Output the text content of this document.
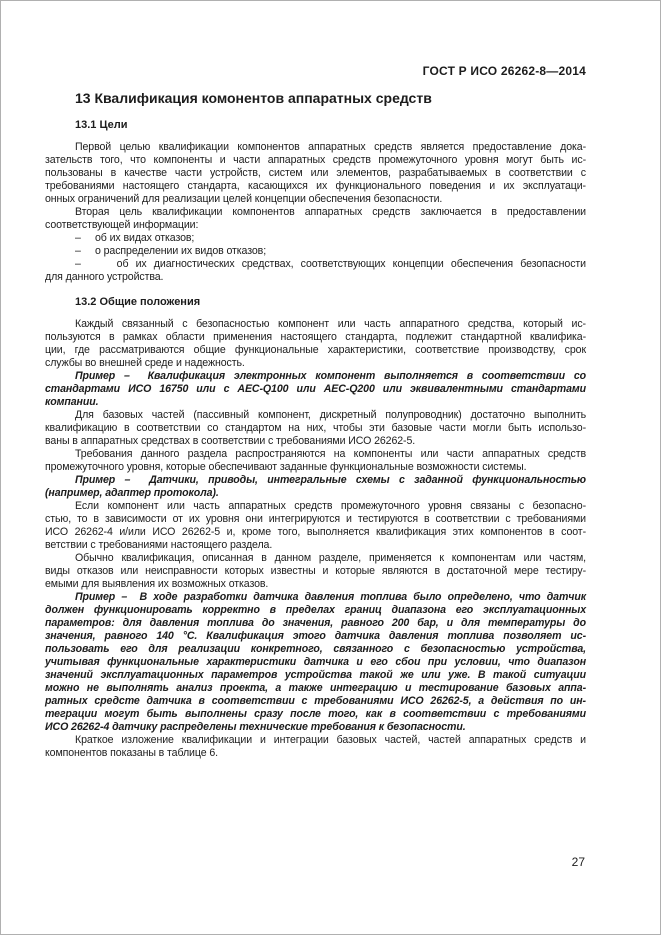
ГОСТ Р ИСО 26262-8—2014
13 Квалификация комонентов аппаратных средств
13.1 Цели
Первой целью квалификации компонентов аппаратных средств является предоставление дока-
зательств того, что компоненты и части аппаратных средств промежуточного уровня могут быть ис-
пользованы в качестве части устройств, систем или элементов, разрабатываемых в соответствии с
требованиями настоящего стандарта, касающихся их функционального поведения и их эксплуатаци-
онных ограничений для реализации целей концепции обеспечения безопасности.
Вторая цель квалификации компонентов аппаратных средств заключается в предоставлении
соответствующей информации:
–     об их видах отказов;
–     о распределении их видов отказов;
–     об их диагностических средствах, соответствующих концепции обеспечения безопасности
для данного устройства.
13.2 Общие положения
Каждый связанный с безопасностью компонент или часть аппаратного средства, который ис-
пользуются в рамках области применения настоящего стандарта, подлежит стандартной квалифика-
ции, где рассматриваются общие функциональные характеристики, соответствие производству, срок
службы во внешней среде и надежность.
Пример –  Квалификация электронных компонент выполняется в соответствии со
стандартами ИСО 16750 или с AEC-Q100 или AEC-Q200 или эквивалентными стандартами
компании.
Для базовых частей (пассивный компонент, дискретный полупроводник) достаточно выполнить
квалификацию в соответствии со стандартом на них, чтобы эти базовые части могли быть использо-
ваны в аппаратных средствах в соответствии с требованиями ИСО 26262-5.
Требования данного раздела распространяются на компоненты или части аппаратных средств
промежуточного уровня, которые обеспечивают заданные функциональные возможности системы.
Пример –  Датчики, приводы, интегральные схемы с заданной функциональностью
(например, адаптер протокола).
Если компонент или часть аппаратных средств промежуточного уровня связаны с безопасно-
стью, то в зависимости от их уровня они интегрируются и тестируются в соответствии с требованиями
ИСО 26262-4 и/или ИСО 26262-5 и, кроме того, выполняется квалификация этих компонентов в соот-
ветствии с требованиями настоящего раздела.
Обычно квалификация, описанная в данном разделе, применяется к компонентам или частям,
виды отказов или неисправности которых известны и которые являются в достаточной мере тестиру-
емыми для выявления их возможных отказов.
Пример –  В ходе разработки датчика давления топлива было определено, что датчик
должен функционировать корректно в пределах границ диапазона его эксплуатационных
параметров: для давления топлива до значения, равного 200 бар, и для температуры до
значения, равного 140 °С. Квалификация этого датчика давления топлива позволяет ис-
пользовать его для реализации конкретного, связанного с безопасностью устройства,
учитывая функциональные характеристики датчика и его сбои при условии, что диапазон
значений эксплуатационных параметров устройства такой же или уже. В такой ситуации
можно не выполнять анализ проекта, а также интеграцию и тестирование базовых аппа-
ратных средсте датчика в соответствии с требованиями ИСО 26262-5, а действия по ин-
теграции могут быть выполнены сразу после того, как в соответствии с требованиями
ИСО 26262-4 датчику распределены технические требования к безопасности.
Краткое изложение квалификации и интеграции базовых частей, частей аппаратных средств и
компонентов показаны в таблице 6.
27
